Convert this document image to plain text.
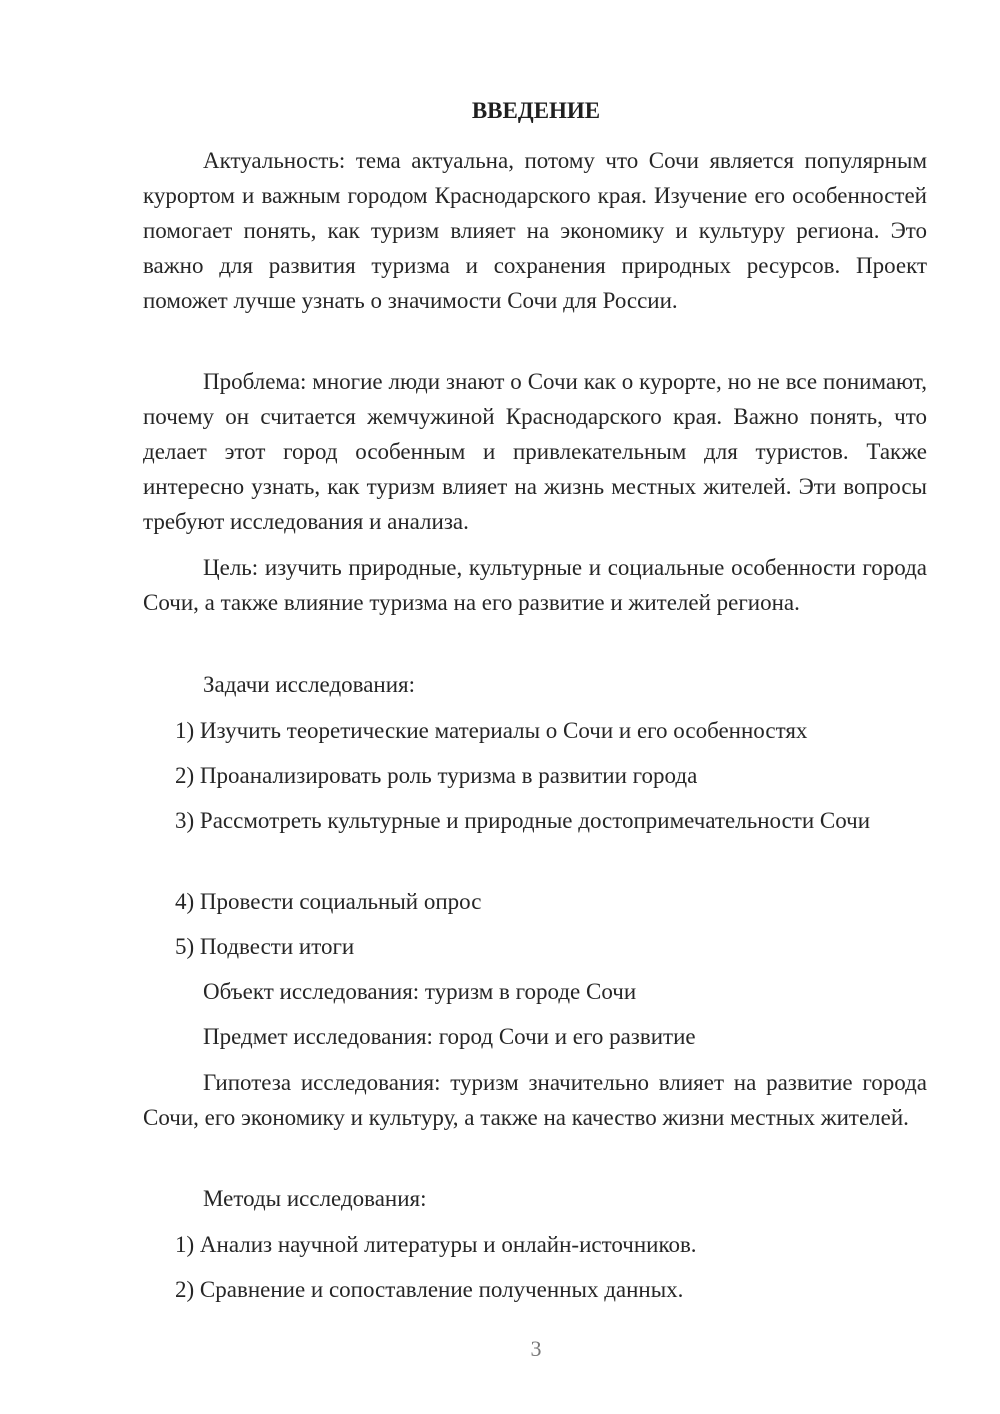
ВВЕДЕНИЕ

Актуальность: тема актуальна, потому что Сочи является популярным курортом и важным городом Краснодарского края. Изучение его особенностей помогает понять, как туризм влияет на экономику и культуру региона. Это важно для развития туризма и сохранения природных ресурсов. Проект поможет лучше узнать о значимости Сочи для России.

Проблема: многие люди знают о Сочи как о курорте, но не все понимают, почему он считается жемчужиной Краснодарского края. Важно понять, что делает этот город особенным и привлекательным для туристов. Также интересно узнать, как туризм влияет на жизнь местных жителей. Эти вопросы требуют исследования и анализа.

Цель: изучить природные, культурные и социальные особенности города Сочи, а также влияние туризма на его развитие и жителей региона.

Задачи исследования:

1) Изучить теоретические материалы о Сочи и его особенностях

2) Проанализировать роль туризма в развитии города

3) Рассмотреть культурные и природные достопримечательности Сочи

4) Провести социальный опрос

5) Подвести итоги

Объект исследования: туризм в городе Сочи

Предмет исследования: город Сочи и его развитие

Гипотеза исследования: туризм значительно влияет на развитие города Сочи, его экономику и культуру, а также на качество жизни местных жителей.

Методы исследования:

1) Анализ научной литературы и онлайн-источников.

2) Сравнение и сопоставление полученных данных.

3
